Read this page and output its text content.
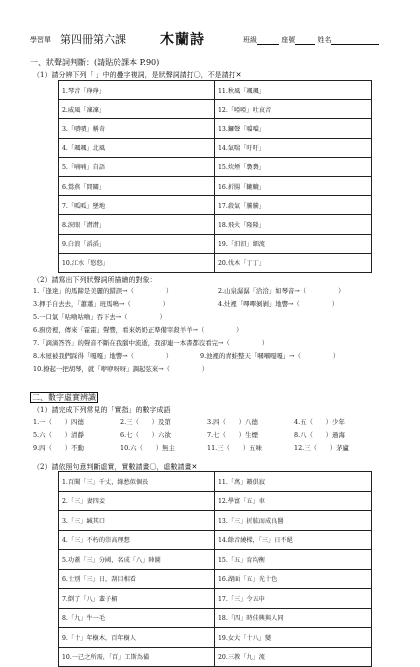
學習單 第四冊第六課 木蘭詩	班級	座號	姓名
一、狀聲詞判斷：(請貼於課本 P.90)
（1）請分辨下列「 」中的疊字複詞，是狀聲詞請打〇，不是請打✕
1.琴音「琤琤」	11.秋風「颯颯」
2.威風「凜凜」	12.「啞啞」吐哀音
3.「嘖嘖」稱奇	13.鑼聲「噹噹」
4.「颯颯」北風	14.氣喘「吁吁」
5.「喃喃」自語	15.炊煙「裊裊」
6.鶯燕「間關」	16.折腸「轆轆」
7.「呱呱」墜地	17.殺氣「騰騰」
8.淚眼「潸潸」	18.飛火「隆隆」
9.白浪「滔滔」	19.「汨汨」細流
10.江水「悠悠」	20.伐木「丁丁」
（2）請寫出下列狀聲詞所描繪的對象：
1.「逢達」的馬蹄是美麗的錯誤→（　　　　　）	2.山泉潺潺「洽洽」如琴音→（　　　　　）
3.揮手自去去，「蕭蕭」班馬鳴→（　　　　　）	4.灶裡「嗶嗶剝剝」地響→（　　　　　）
5.一口氣「咕嚕咕嚕」吞下去→（　　　　　）
6.廚房裡，傳來「霍霍」聲響，看來奶奶正準備宰殺羊羊→（　　　　　）
7.「滴滴答答」的聲音不斷在我腦中流逝，我卻連一本書都沒看完→（　　　　　）
8.木屋被我們踩得「嘎嘎」地響→（　　　　　）	9.池裡的青蛙整天「嘓嘓嘎嘎」→（　　　　　）
10.撩起一把胡琴，就「咿咿呀呀」調起弦來→（　　　　　）
二、數字虛實辨識
（1）請完成下列常見的「實指」的數字成語
1.一（　　）四德	2.三（　　）及第	3.四（　　）八德	4.五（　　）少年
5.六（　　）清靜	6.七（　　）六欲	7.七（　　）生煙	8.八（　　）過海
9.四（　　）不動	10.六（　　）無主	11.三（　　）五味	12.三（　　）茅廬
（2）請依照句意判斷虛實，實數請畫〇，虛數請畫✕
1.百聞「三」千丈，緣愁似個長	11.「萬」籟俱寂
2.「三」妻四妾	12.學富「五」車
3.「三」緘其口	13.「三」折肱而成良醫
4.「三」不朽的崇高理想	14.餘音繞樑，「三」日不絕
5.功蓋「三」分國，名成「八」陣圖	15.「五」育均衡
6.士別「三」日，刮目相看	16.湖面「五」光十色
7.倒了「八」輩子楣	17.「三」令五申
8.「九」牛一毛	18.「四」時佳興與人同
9.「十」年樹木，百年樹人	19.女大「十八」變
10.一己之所需，「百」工斯為備	20.三教「九」流
